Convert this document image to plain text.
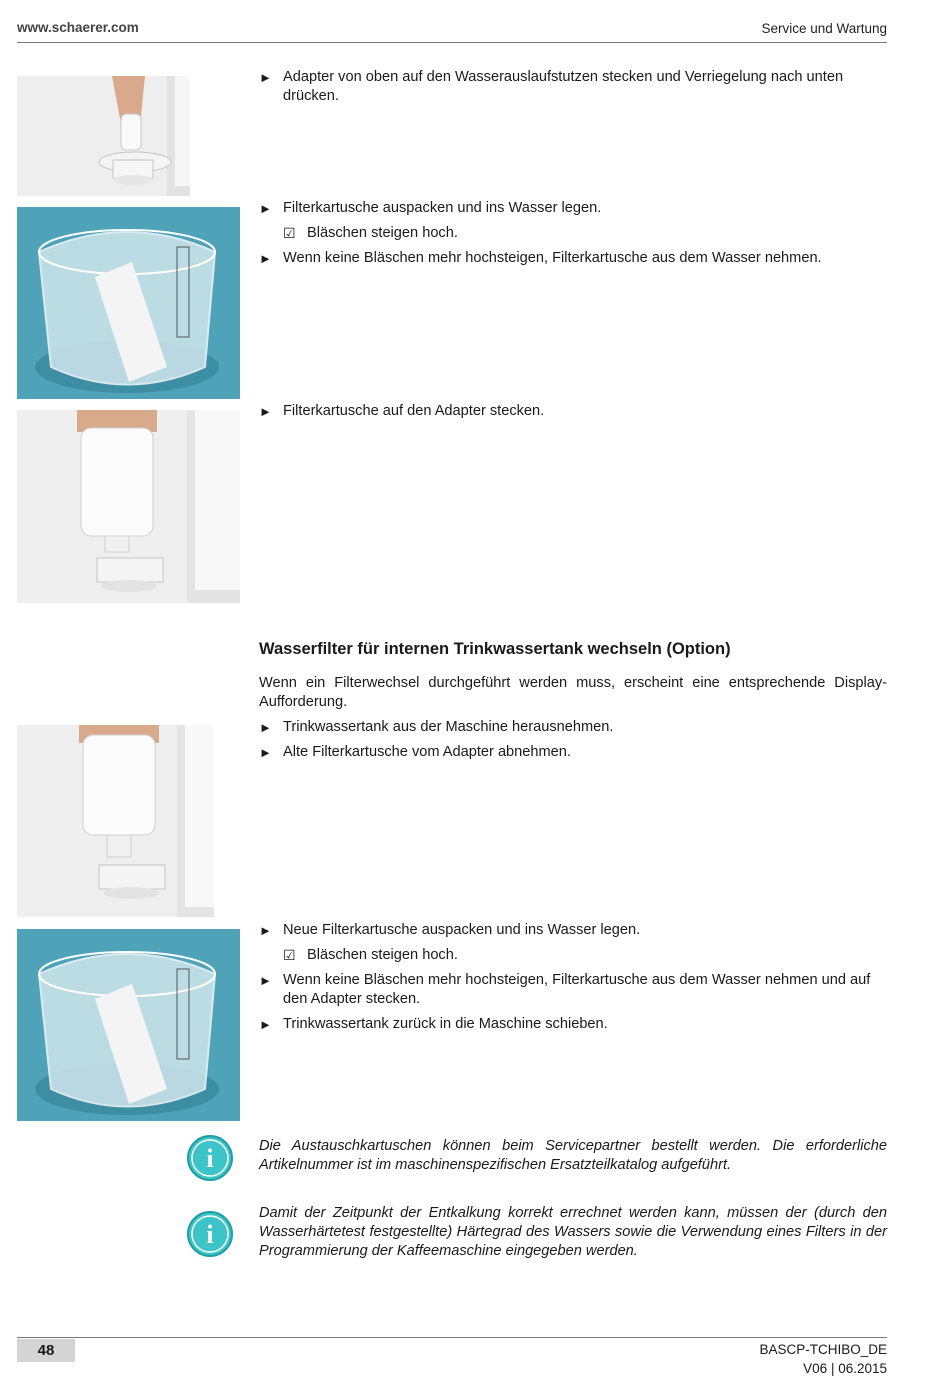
www.schaerer.com	Service und Wartung
► Adapter von oben auf den Wasserauslaufstutzen stecken und Verriegelung nach unten drücken.
► Filterkartusche auspacken und ins Wasser legen.
☑ Bläschen steigen hoch.
► Wenn keine Bläschen mehr hochsteigen, Filterkartusche aus dem Wasser nehmen.
► Filterkartusche auf den Adapter stecken.
Wasserfilter für internen Trinkwassertank wechseln (Option)
Wenn ein Filterwechsel durchgeführt werden muss, erscheint eine entsprechende Display-Aufforderung.
► Trinkwassertank aus der Maschine herausnehmen.
► Alte Filterkartusche vom Adapter abnehmen.
► Neue Filterkartusche auspacken und ins Wasser legen.
☑ Bläschen steigen hoch.
► Wenn keine Bläschen mehr hochsteigen, Filterkartusche aus dem Wasser nehmen und auf den Adapter stecken.
► Trinkwassertank zurück in die Maschine schieben.
i	Die Austauschkartuschen können beim Servicepartner bestellt werden. Die erforderliche Artikelnummer ist im maschinenspezifischen Ersatzteilkatalog aufgeführt.
i
Damit der Zeitpunkt der Entkalkung korrekt errechnet werden kann, müssen der (durch den Wasserhärtetest festgestellte) Härtegrad des Wassers sowie die Verwendung eines Filters in der Programmierung der Kaffeemaschine eingegeben werden.
48	BASCP-TCHIBO_DE
V06 | 06.2015
